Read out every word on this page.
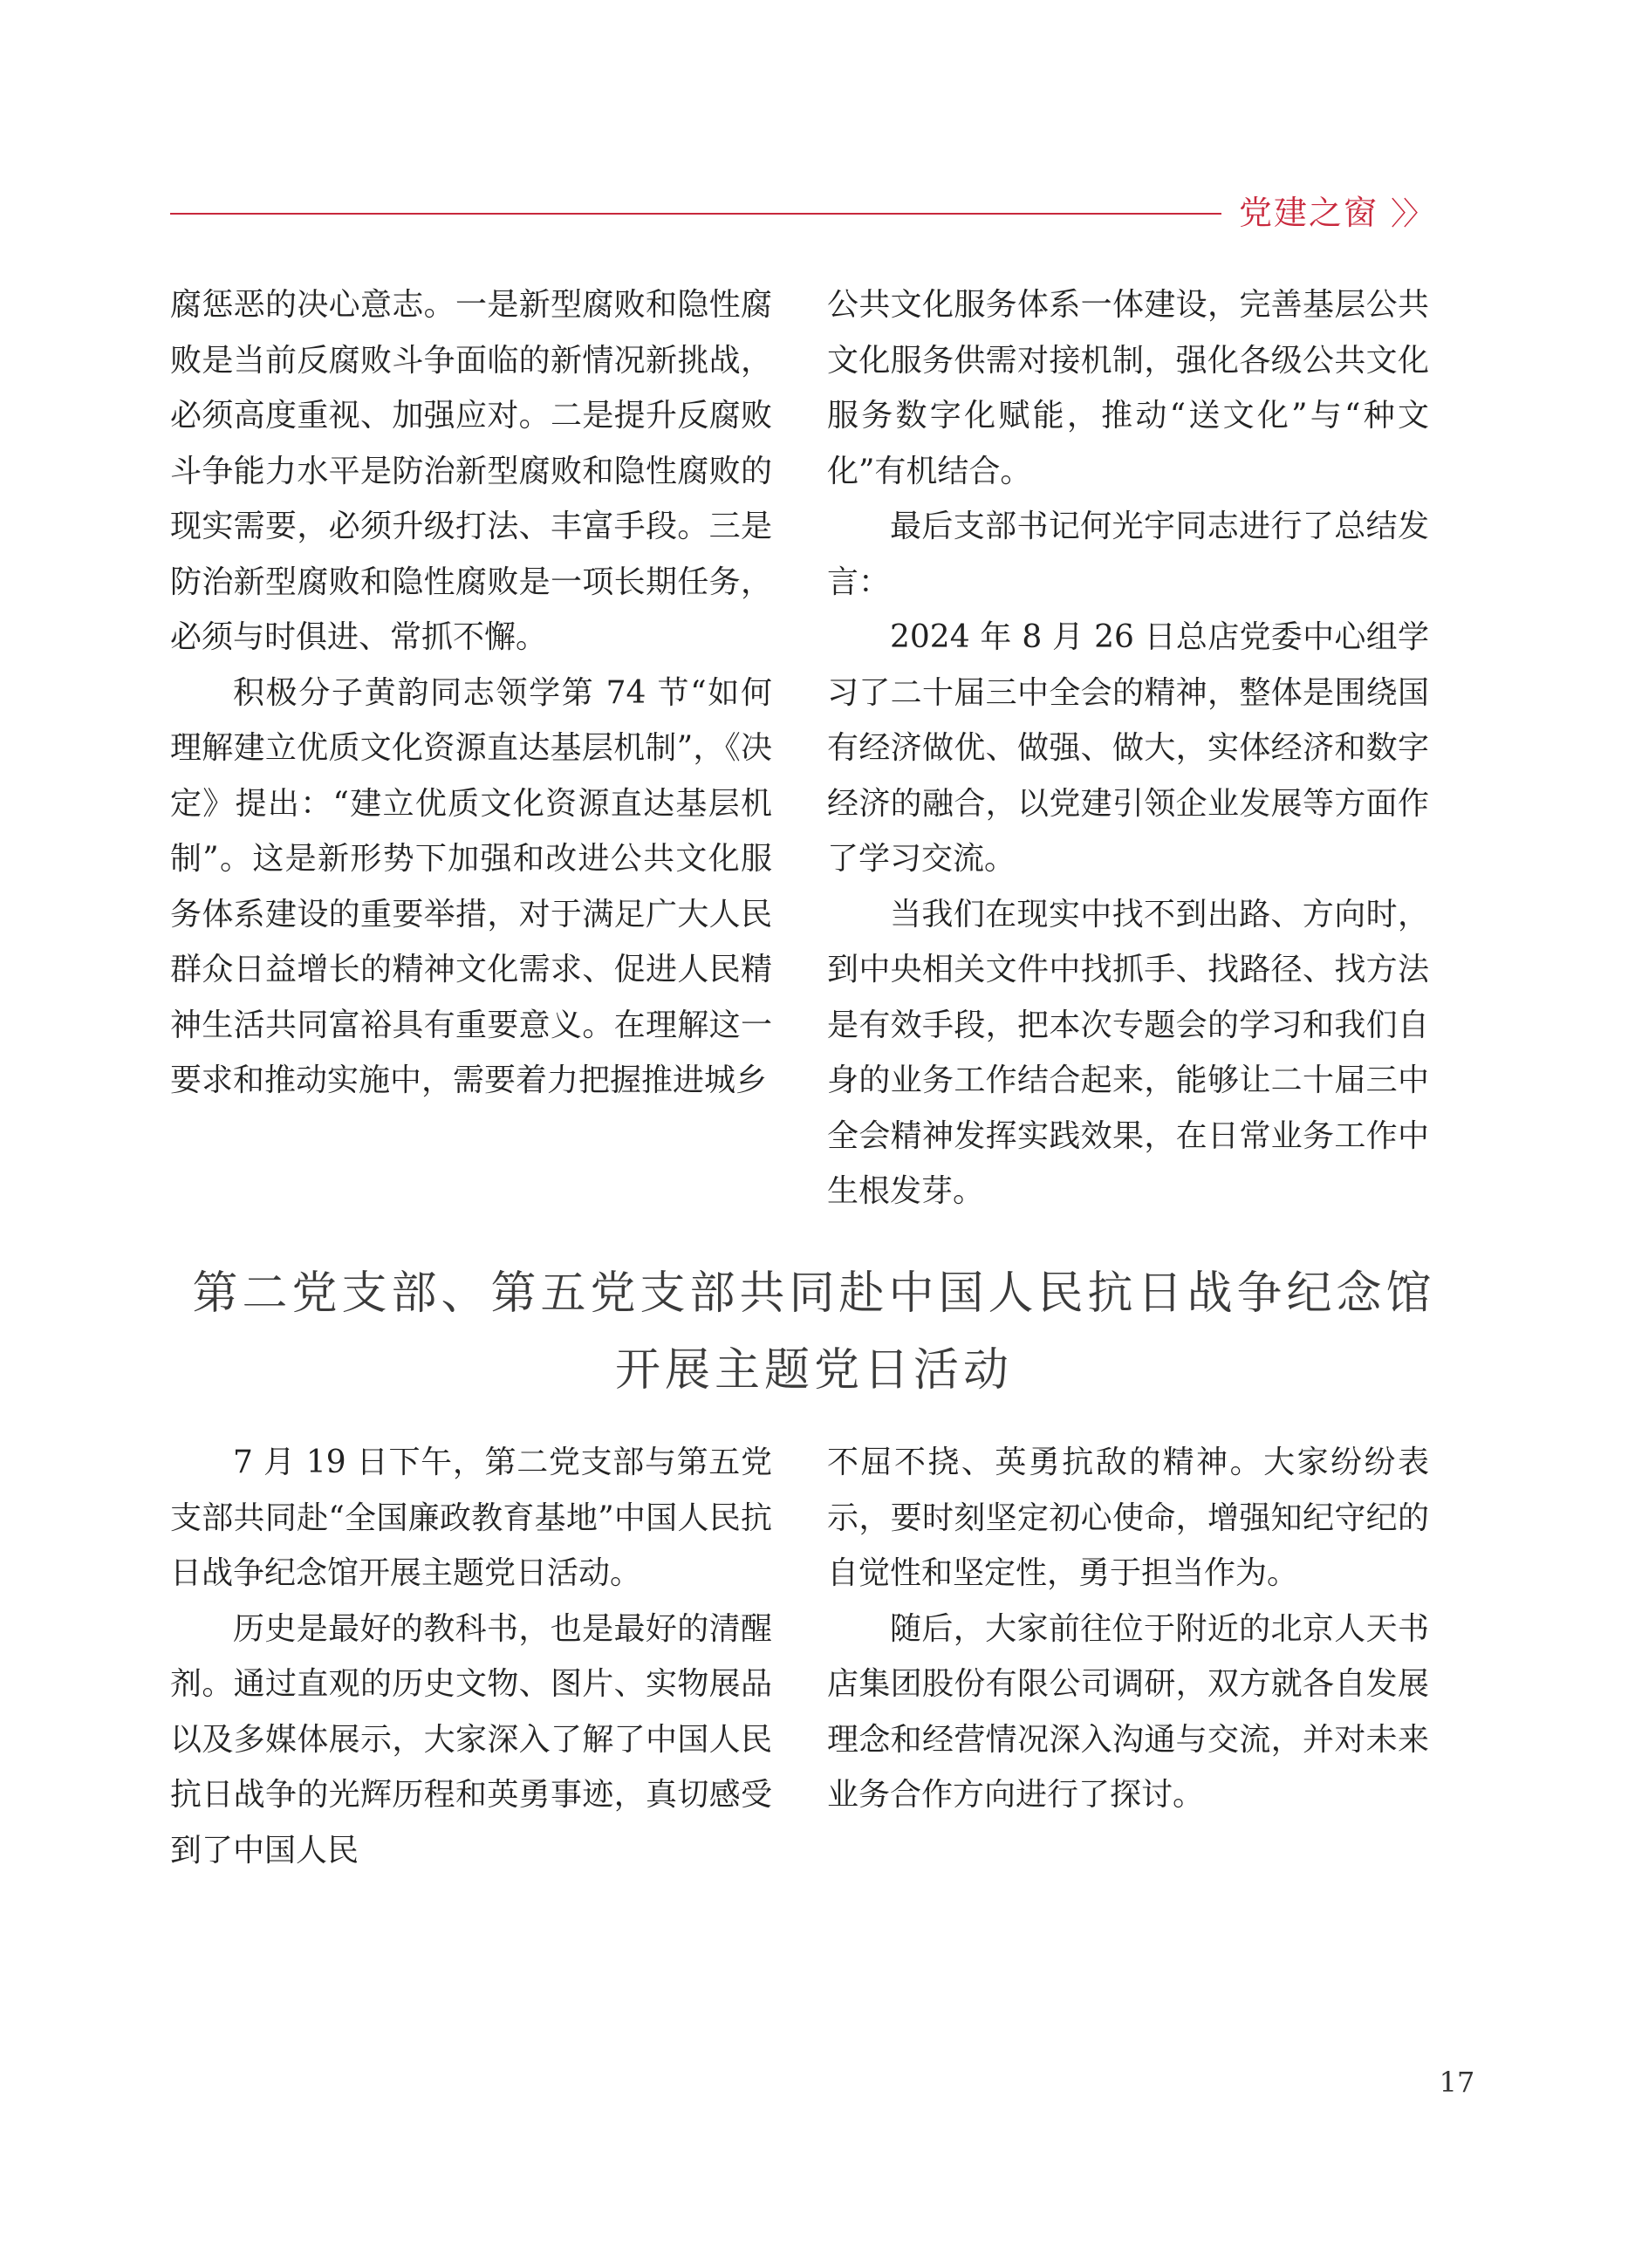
党建之窗 〉〉

腐惩恶的决心意志。一是新型腐败和隐性腐败是当前反腐败斗争面临的新情况新挑战，必须高度重视、加强应对。二是提升反腐败斗争能力水平是防治新型腐败和隐性腐败的现实需要，必须升级打法、丰富手段。三是防治新型腐败和隐性腐败是一项长期任务，必须与时俱进、常抓不懈。

积极分子黄韵同志领学第 74 节“如何理解建立优质文化资源直达基层机制”，《决定》提出：“建立优质文化资源直达基层机制”。这是新形势下加强和改进公共文化服务体系建设的重要举措，对于满足广大人民群众日益增长的精神文化需求、促进人民精神生活共同富裕具有重要意义。在理解这一要求和推动实施中，需要着力把握推进城乡

公共文化服务体系一体建设，完善基层公共文化服务供需对接机制，强化各级公共文化服务数字化赋能，推动“送文化”与“种文化”有机结合。

最后支部书记何光宇同志进行了总结发言：

2024 年 8 月 26 日总店党委中心组学习了二十届三中全会的精神，整体是围绕国有经济做优、做强、做大，实体经济和数字经济的融合，以党建引领企业发展等方面作了学习交流。

当我们在现实中找不到出路、方向时，到中央相关文件中找抓手、找路径、找方法是有效手段，把本次专题会的学习和我们自身的业务工作结合起来，能够让二十届三中全会精神发挥实践效果，在日常业务工作中生根发芽。

第二党支部、第五党支部共同赴中国人民抗日战争纪念馆
开展主题党日活动

7 月 19 日下午，第二党支部与第五党支部共同赴“全国廉政教育基地”中国人民抗日战争纪念馆开展主题党日活动。

历史是最好的教科书，也是最好的清醒剂。通过直观的历史文物、图片、实物展品以及多媒体展示，大家深入了解了中国人民抗日战争的光辉历程和英勇事迹，真切感受到了中国人民

不屈不挠、英勇抗敌的精神。大家纷纷表示，要时刻坚定初心使命，增强知纪守纪的自觉性和坚定性，勇于担当作为。

随后，大家前往位于附近的北京人天书店集团股份有限公司调研，双方就各自发展理念和经营情况深入沟通与交流，并对未来业务合作方向进行了探讨。

17
